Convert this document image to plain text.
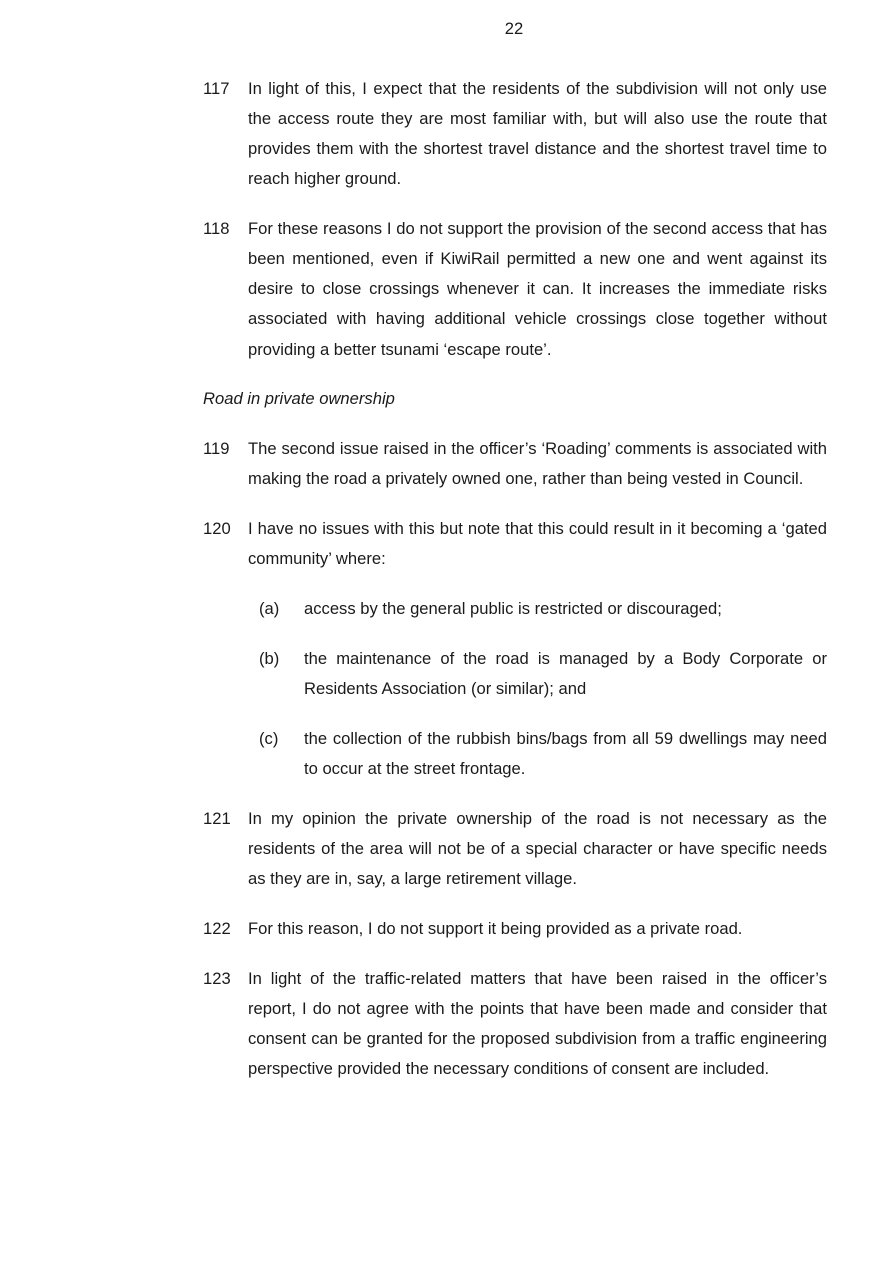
22
117	In light of this, I expect that the residents of the subdivision will not only use the access route they are most familiar with, but will also use the route that provides them with the shortest travel distance and the shortest travel time to reach higher ground.
118	For these reasons I do not support the provision of the second access that has been mentioned, even if KiwiRail permitted a new one and went against its desire to close crossings whenever it can. It increases the immediate risks associated with having additional vehicle crossings close together without providing a better tsunami ‘escape route’.
Road in private ownership
119	The second issue raised in the officer’s ‘Roading’ comments is associated with making the road a privately owned one, rather than being vested in Council.
120	I have no issues with this but note that this could result in it becoming a ‘gated community’ where:
(a)	access by the general public is restricted or discouraged;
(b)	the maintenance of the road is managed by a Body Corporate or Residents Association (or similar); and
(c)	the collection of the rubbish bins/bags from all 59 dwellings may need to occur at the street frontage.
121	In my opinion the private ownership of the road is not necessary as the residents of the area will not be of a special character or have specific needs as they are in, say, a large retirement village.
122	For this reason, I do not support it being provided as a private road.
123	In light of the traffic-related matters that have been raised in the officer’s report, I do not agree with the points that have been made and consider that consent can be granted for the proposed subdivision from a traffic engineering perspective provided the necessary conditions of consent are included.
